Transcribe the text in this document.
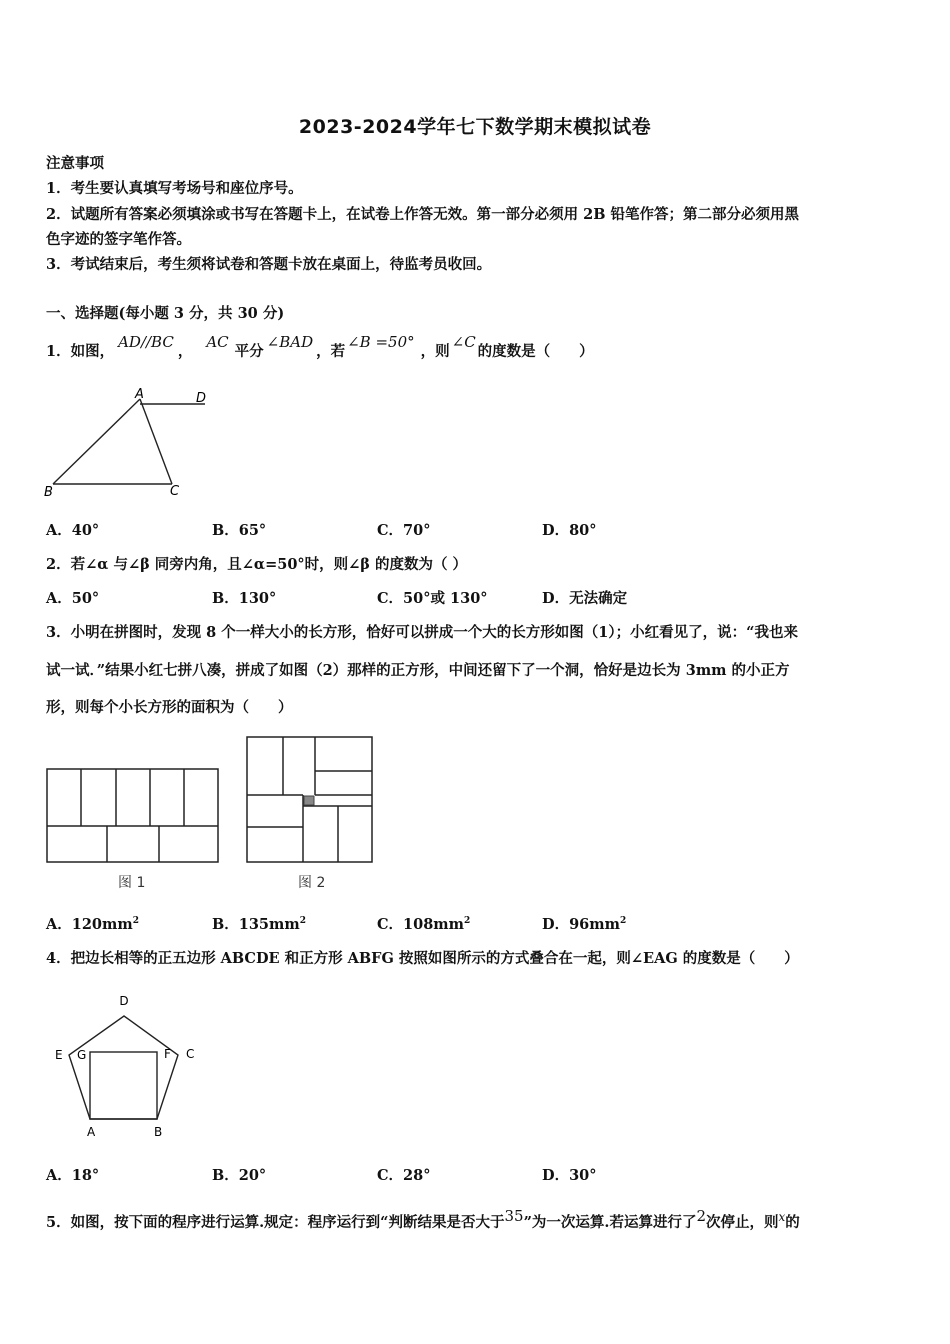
2023-2024学年七下数学期末模拟试卷
注意事项
1．考生要认真填写考场号和座位序号。
2．试题所有答案必须填涂或书写在答题卡上，在试卷上作答无效。第一部分必须用 2B 铅笔作答；第二部分必须用黑
色字迹的签字笔作答。
3．考试结束后，考生须将试卷和答题卡放在桌面上，待监考员收回。
一、选择题(每小题 3 分，共 30 分)
1．如图，AD//BC，AC平分∠BAD，若∠B =50°，则∠C的度数是（　　）
A	D
B	C
A．40°	B．65°	C．70°	D．80°
2．若∠α 与∠β 同旁内角，且∠α=50°时，则∠β 的度数为（ ）
A．50°	B．130°	C．50°或 130°	D．无法确定
3．小明在拼图时，发现 8 个一样大小的长方形，恰好可以拼成一个大的长方形如图（1）；小红看见了，说：“我也来
试一试．”结果小红七拼八凑，拼成了如图（2）那样的正方形，中间还留下了一个洞，恰好是边长为 3mm 的小正方
形，则每个小长方形的面积为（　　）
图 1	图 2
A．$120mm^2$	B．$135mm^2$	C．$108mm^2$	D．$96mm^2$
4．把边长相等的正五边形 ABCDE 和正方形 ABFG 按照如图所示的方式叠合在一起，则∠EAG 的度数是（　　）
D
E G	F C
A	B
A．18°	B．20°	C．28°	D．30°
5．如图，按下面的程序进行运算.规定：程序运行到“判断结果是否大于35”为一次运算.若运算进行了2次停止，则$^x$的
